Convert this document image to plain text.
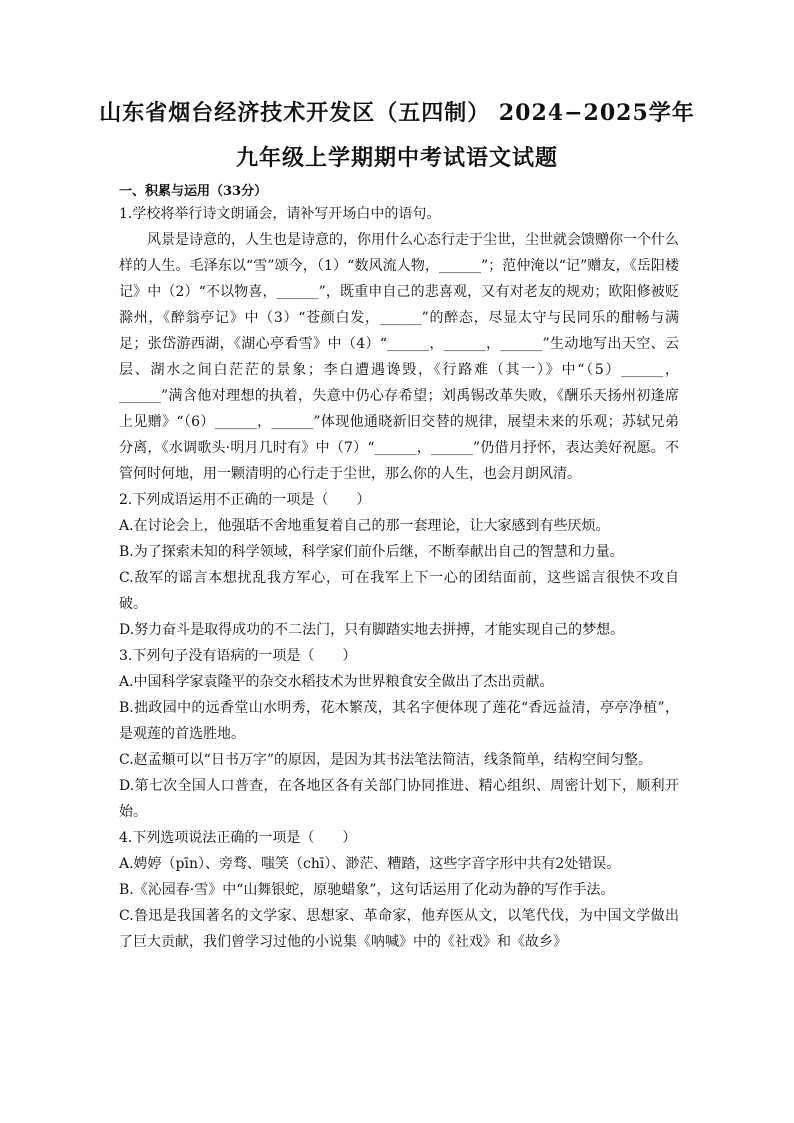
山东省烟台经济技术开发区（五四制） 2024−2025学年
九年级上学期期中考试语文试题
一、积累与运用（33分）

1.学校将举行诗文朗诵会，请补写开场白中的语句。

风景是诗意的，人生也是诗意的，你用什么心态行走于尘世，尘世就会馈赠你一个什么样的人生。毛泽东以“雪”颂今，（1）“数风流人物，______”；范仲淹以“记”赠友，《岳阳楼记》中（2）“不以物喜，______”，既重申自己的悲喜观，又有对老友的规劝；欧阳修被贬滁州，《醉翁亭记》中（3）“苍颜白发，______”的醉态，尽显太守与民同乐的酣畅与满足；张岱游西湖，《湖心亭看雪》中（4）“______，______，______”生动地写出天空、云层、湖水之间白茫茫的景象；李白遭遇谗毁，《行路难（其一）》中“（5）______，______”满含他对理想的执着，失意中仍心存希望；刘禹锡改革失败，《酬乐天扬州初逢席上见赠》“（6）______，______”体现他通晓新旧交替的规律，展望未来的乐观；苏轼兄弟分离，《水调歌头·明月几时有》中（7）“______，______”仍借月抒怀，表达美好祝愿。不管何时何地，用一颗清明的心行走于尘世，那么你的人生，也会月朗风清。

2.下列成语运用不正确的一项是（　　）

A.在讨论会上，他强聒不舍地重复着自己的那一套理论，让大家感到有些厌烦。

B.为了探索未知的科学领域，科学家们前仆后继，不断奉献出自己的智慧和力量。

C.敌军的谣言本想扰乱我方军心，可在我军上下一心的团结面前，这些谣言很快不攻自破。

D.努力奋斗是取得成功的不二法门，只有脚踏实地去拼搏，才能实现自己的梦想。

3.下列句子没有语病的一项是（　　）

A.中国科学家袁隆平的杂交水稻技术为世界粮食安全做出了杰出贡献。

B.拙政园中的远香堂山水明秀，花木繁茂，其名字便体现了莲花“香远益清，亭亭净植”，是观莲的首选胜地。

C.赵孟頫可以“日书万字”的原因，是因为其书法笔法简洁，线条简单，结构空间匀整。

D.第七次全国人口普查，在各地区各有关部门协同推进、精心组织、周密计划下，顺利开始。

4.下列选项说法正确的一项是（　　）

A.娉婷（pīn）、旁骛、嗤笑（chī）、渺茫、糟踏，这些字音字形中共有2处错误。

B.《沁园春·雪》中“山舞银蛇，原驰蜡象”，这句话运用了化动为静的写作手法。

C.鲁迅是我国著名的文学家、思想家、革命家，他弃医从文，以笔代伐，为中国文学做出了巨大贡献，我们曾学习过他的小说集《呐喊》中的《社戏》和《故乡》
